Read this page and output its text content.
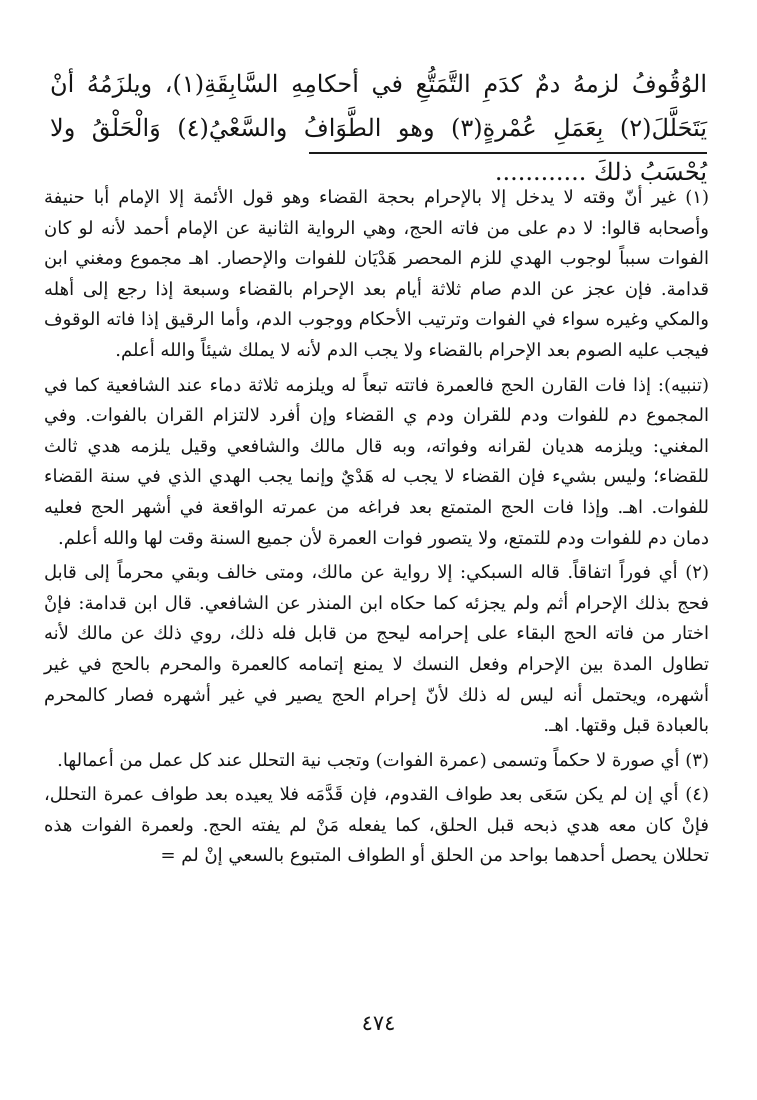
الوُقُوفُ لزمهُ دمٌ كدَمِ التَّمَتُّعِ في أحكامِهِ السَّابِقَةِ(١)، ويلزَمُهُ أنْ يَتَحَلَّلَ(٢) بِعَمَلِ عُمْرةٍ(٣) وهو الطَّوَافُ والسَّعْيُ(٤) وَالْحَلْقُ ولا يُحْسَبُ ذلكَ ............

(١) غير أنّ وقته لا يدخل إلا بالإحرام بحجة القضاء وهو قول الأئمة إلا الإمام أبا حنيفة وأصحابه قالوا: لا دم على من فاته الحج، وهي الرواية الثانية عن الإمام أحمد لأنه لو كان الفوات سبباً لوجوب الهدي للزم المحصر هَدْيَان للفوات والإحصار. اهـ مجموع ومغني ابن قدامة. فإن عجز عن الدم صام ثلاثة أيام بعد الإحرام بالقضاء وسبعة إذا رجع إلى أهله والمكي وغيره سواء في الفوات وترتيب الأحكام ووجوب الدم، وأما الرقيق إذا فاته الوقوف فيجب عليه الصوم بعد الإحرام بالقضاء ولا يجب الدم لأنه لا يملك شيئاً والله أعلم.

(تنبيه): إذا فات القارن الحج فالعمرة فاتته تبعاً له ويلزمه ثلاثة دماء عند الشافعية كما في المجموع دم للفوات ودم للقران ودم ي القضاء وإن أفرد لالتزام القران بالفوات. وفي المغني: ويلزمه هديان لقرانه وفواته، وبه قال مالك والشافعي وقيل يلزمه هدي ثالث للقضاء؛ وليس بشيء فإن القضاء لا يجب له هَدْيٌ وإنما يجب الهدي الذي في سنة القضاء للفوات. اهـ. وإذا فات الحج المتمتع بعد فراغه من عمرته الواقعة في أشهر الحج فعليه دمان دم للفوات ودم للتمتع، ولا يتصور فوات العمرة لأن جميع السنة وقت لها والله أعلم.

(٢) أي فوراً اتفاقاً. قاله السبكي: إلا رواية عن مالك، ومتى خالف وبقي محرماً إلى قابل فحج بذلك الإحرام أثم ولم يجزئه كما حكاه ابن المنذر عن الشافعي. قال ابن قدامة: فإنْ اختار من فاته الحج البقاء على إحرامه ليحج من قابل فله ذلك، روي ذلك عن مالك لأنه تطاول المدة بين الإحرام وفعل النسك لا يمنع إتمامه كالعمرة والمحرم بالحج في غير أشهره، ويحتمل أنه ليس له ذلك لأنّ إحرام الحج يصير في غير أشهره فصار كالمحرم بالعبادة قبل وقتها. اهـ.

(٣) أي صورة لا حكماً وتسمى (عمرة الفوات) وتجب نية التحلل عند كل عمل من أعمالها.

(٤) أي إن لم يكن سَعَى بعد طواف القدوم، فإن قَدَّمَه فلا يعيده بعد طواف عمرة التحلل، فإنْ كان معه هدي ذبحه قبل الحلق، كما يفعله مَنْ لم يفته الحج. ولعمرة الفوات هذه تحللان يحصل أحدهما بواحد من الحلق أو الطواف المتبوع بالسعي إنْ لم =

٤٧٤
